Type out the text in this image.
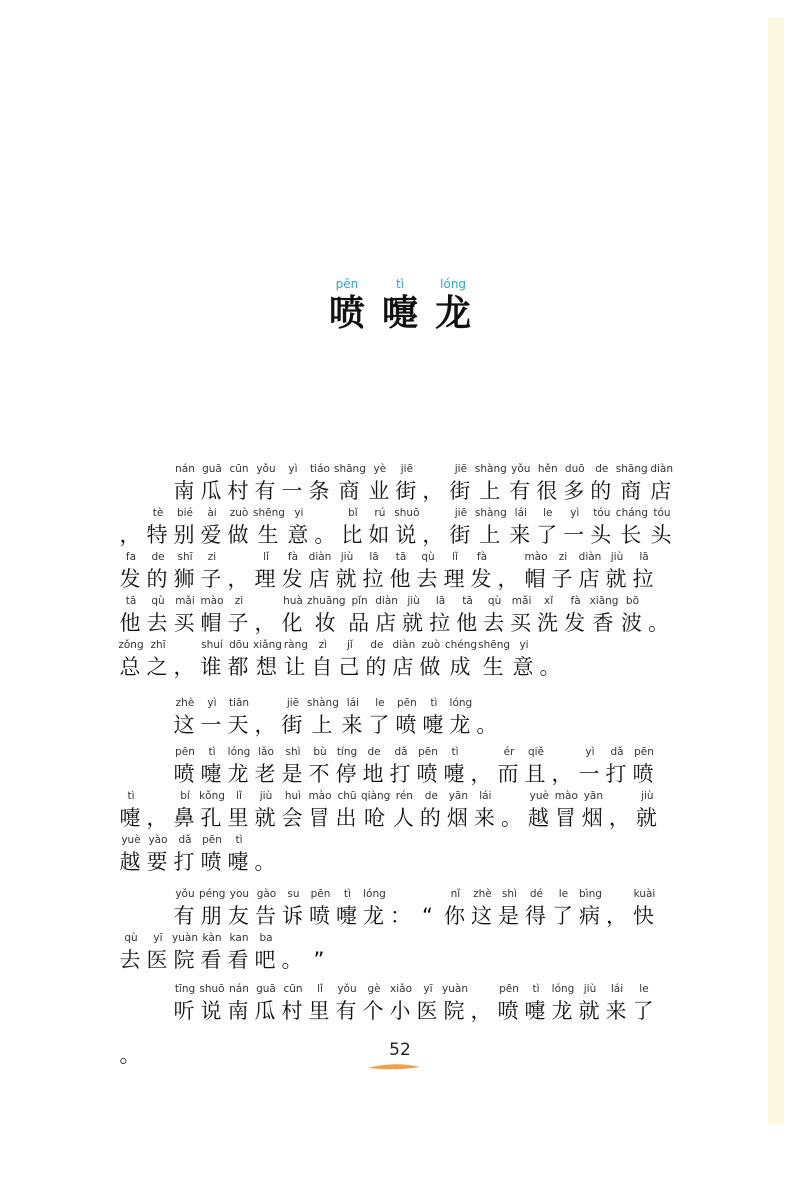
pēn
喷

tì
嚏

lóng
龙
nán
南
guā
瓜
cūn
村
yǒu
有
yì
一
tiáo
条
shāng
商
yè
业
jiē
街 ，
jiē
街
shàng
上
yǒu
有
hěn
很
duō
多
de
的
shāng
商
diàn
店
，
tè
特
bié
别
ài
爱
zuò
做
shēng
生
yi
意 。
bǐ
比
rú
如
shuō
说 ，
jiē
街
shàng
上
lái
来
le
了
yì
一
tóu
头
cháng
长
tóu
头
fa
发
de
的
shī
狮
zi
子 ，
lǐ
理
fà
发
diàn
店
jiù
就
lā
拉
tā
他
qù
去
lǐ
理
fà
发 ，
mào
帽
zi
子
diàn
店
jiù
就
lā
拉
tā
他
qù
去
mǎi
买
mào
帽
zi
子 ，
huà
化
zhuāng
妆
pǐn
品
diàn
店
jiù
就
lā
拉
tā
他
qù
去
mǎi
买
xǐ
洗
fà
发
xiāng
香
bō
波 。
zǒng
总
zhī
之 ，
shuí
谁
dōu
都
xiǎng
想
ràng
让
zì
自
jǐ
己
de
的
diàn
店
zuò
做
chéng
成
shēng
生
yi
意 。
zhè
这
yì
一
tiān
天 ，
jiē
街
shàng
上
lái
来
le
了
pēn
喷
tì
嚏
lóng
龙 。
pēn
喷
tì
嚏
lóng
龙
lǎo
老
shì
是
bù
不
tíng
停
de
地
dǎ
打
pēn
喷
tì
嚏 ，
ér
而
qiě
且 ，
yì
一
dǎ
打
pēn
喷
tì
嚏 ，
bí
鼻
kǒng
孔
lǐ
里
jiù
就
huì
会
mào
冒
chū
出
qiàng
呛
rén
人
de
的
yān
烟
lái
来 。
yuè
越
mào
冒
yān
烟 ，
jiù
就
yuè
越
yào
要
dǎ
打
pēn
喷
tì
嚏 。
yǒu
有
péng
朋
you
友
gào
告
su
诉
pēn
喷
tì
嚏
lóng
龙 ： “
nǐ
你
zhè
这
shì
是
dé
得
le
了
bìng
病 ，
kuài
快
qù
去
yī
医
yuàn
院
kàn
看
kan
看
ba
吧 。 ”
tīng
听
shuō
说
nán
南
guā
瓜
cūn
村
lǐ
里
yǒu
有
gè
个
xiǎo
小
yī
医
yuàn
院 ，
pēn
喷
tì
嚏
lóng
龙
jiù
就
lái
来
le
了
。	52
